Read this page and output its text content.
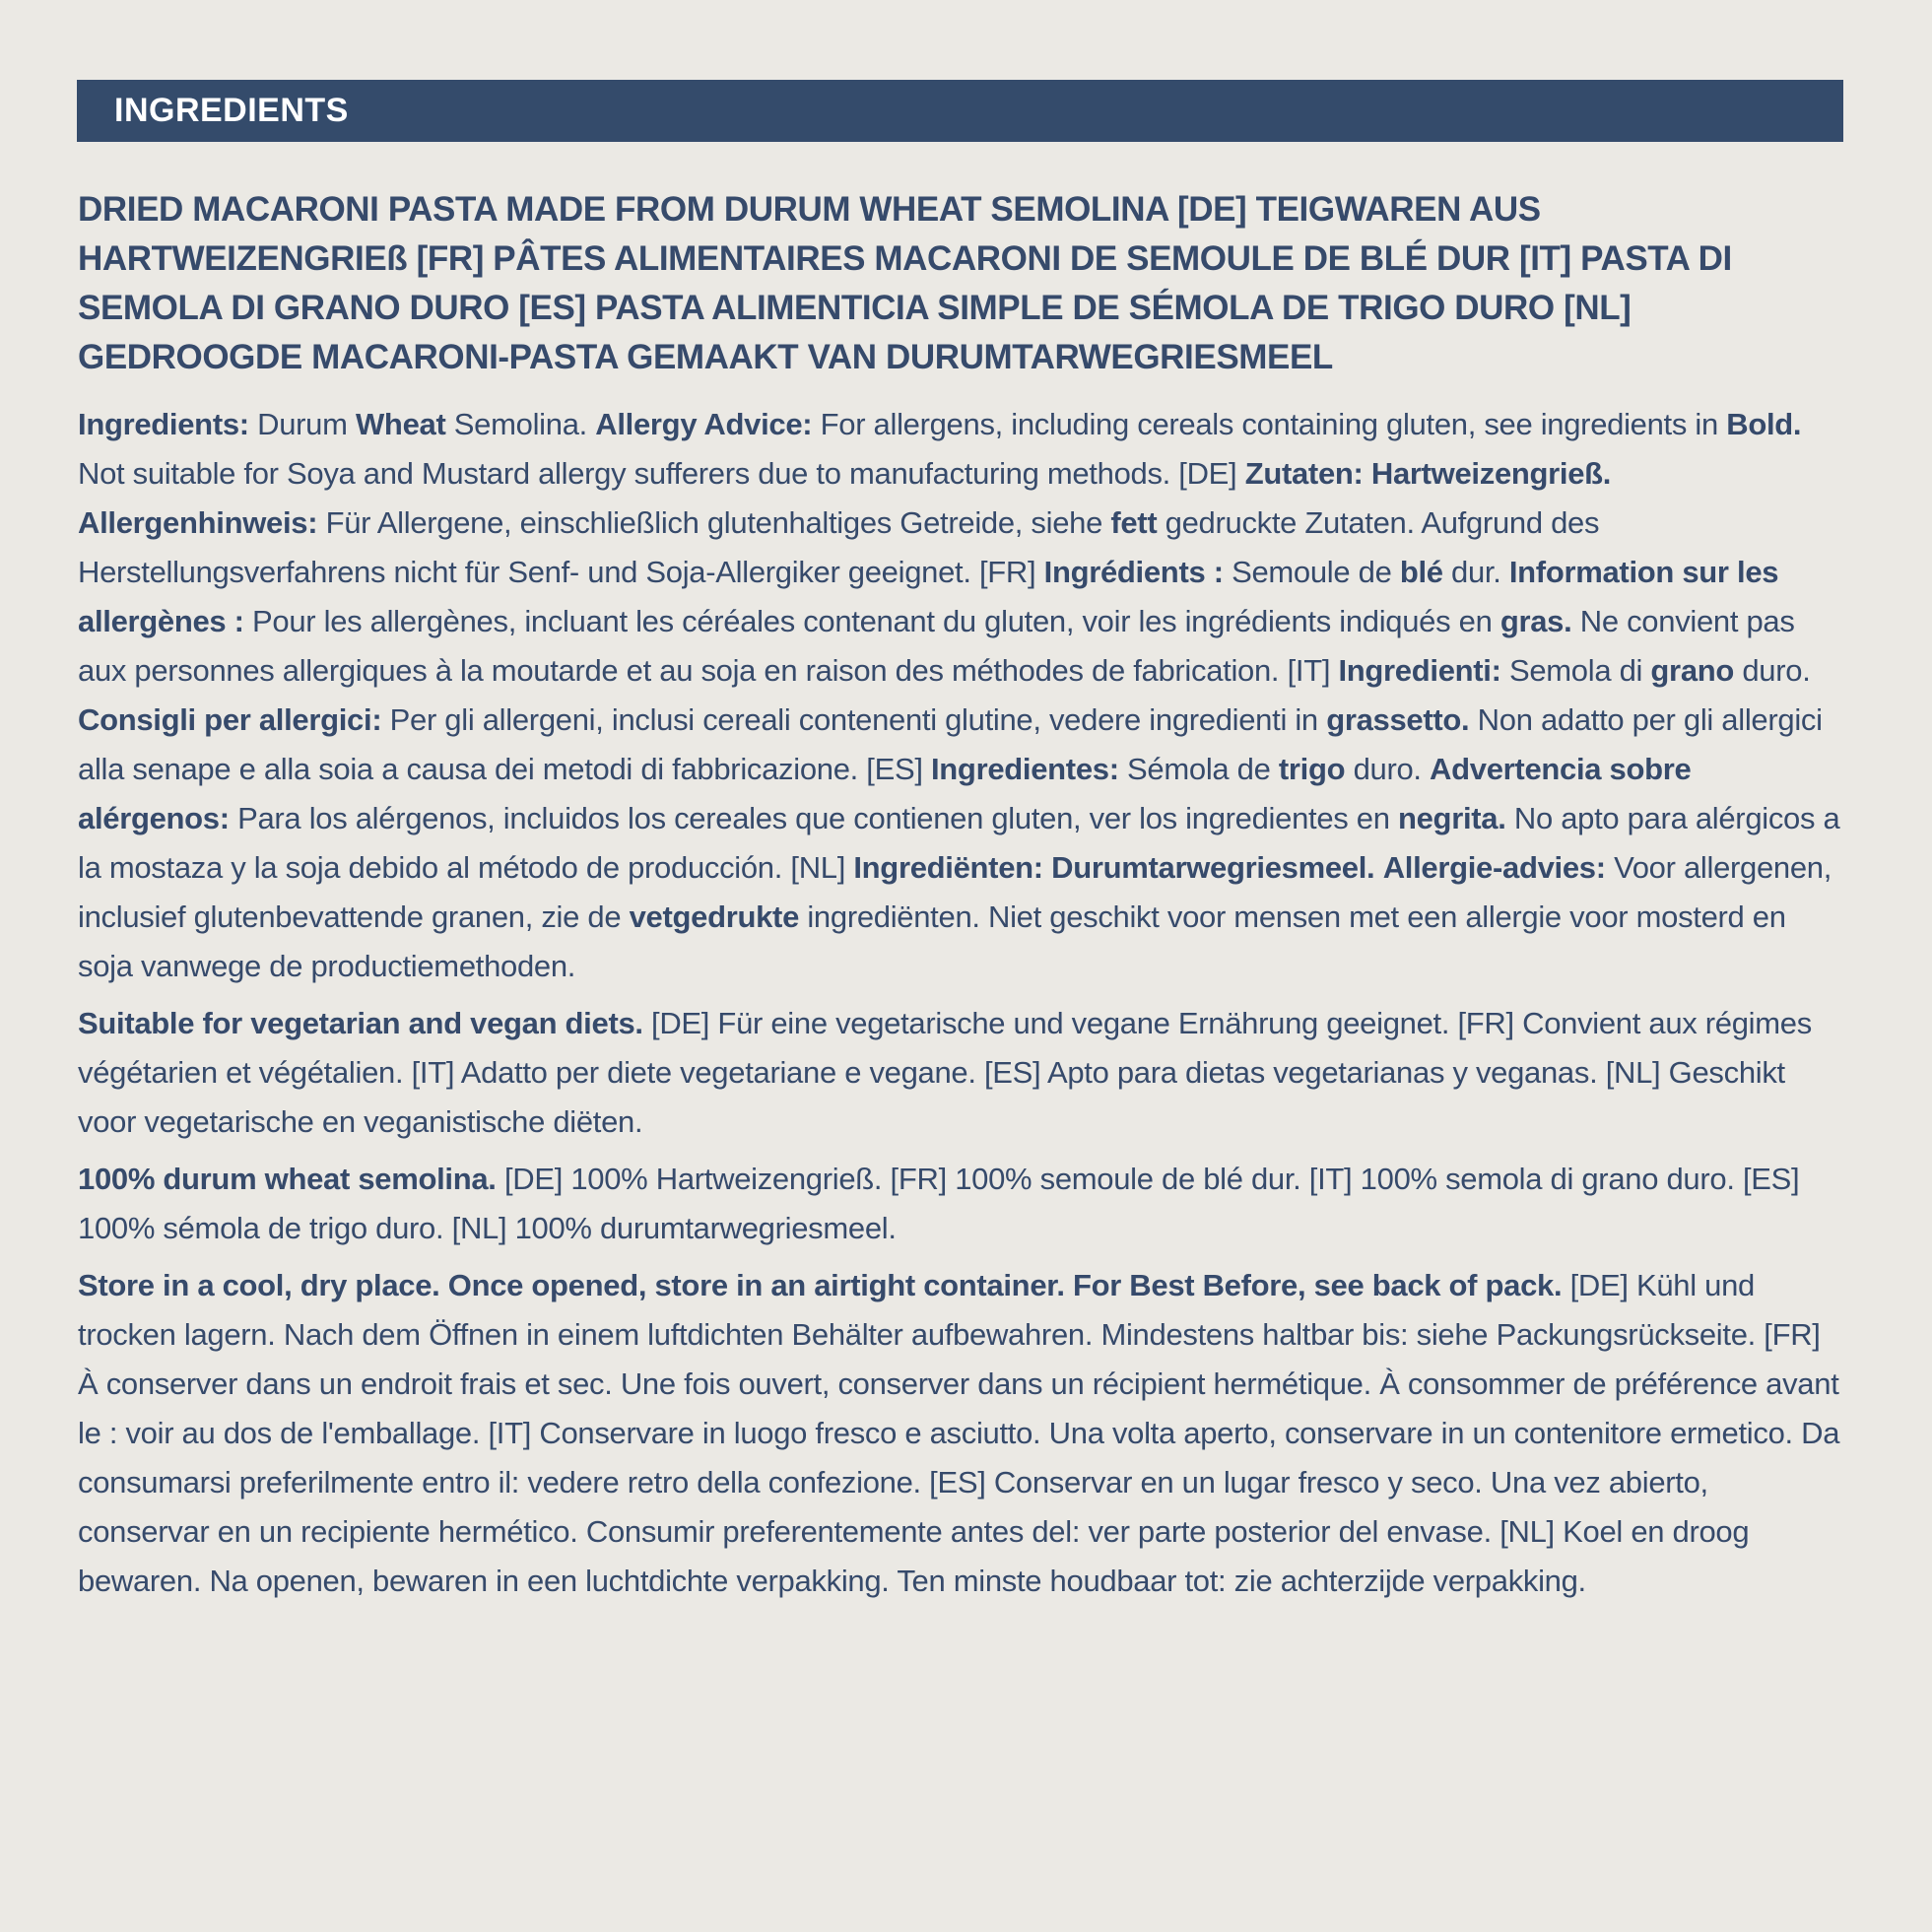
INGREDIENTS
DRIED MACARONI PASTA MADE FROM DURUM WHEAT SEMOLINA [DE] TEIGWAREN AUS HARTWEIZENGRIEß [FR] PÂTES ALIMENTAIRES MACARONI DE SEMOULE DE BLÉ DUR [IT] PASTA DI SEMOLA DI GRANO DURO [ES] PASTA ALIMENTICIA SIMPLE DE SÉMOLA DE TRIGO DURO [NL] GEDROOGDE MACARONI-PASTA GEMAAKT VAN DURUMTARWEGRIESMEEL

Ingredients: Durum Wheat Semolina. Allergy Advice: For allergens, including cereals containing gluten, see ingredients in Bold. Not suitable for Soya and Mustard allergy sufferers due to manufacturing methods. [DE] Zutaten: Hartweizengrieß. Allergenhinweis: Für Allergene, einschließlich glutenhaltiges Getreide, siehe fett gedruckte Zutaten. Aufgrund des Herstellungsverfahrens nicht für Senf- und Soja-Allergiker geeignet. [FR] Ingrédients : Semoule de blé dur. Information sur les allergènes : Pour les allergènes, incluant les céréales contenant du gluten, voir les ingrédients indiqués en gras. Ne convient pas aux personnes allergiques à la moutarde et au soja en raison des méthodes de fabrication. [IT] Ingredienti: Semola di grano duro. Consigli per allergici: Per gli allergeni, inclusi cereali contenenti glutine, vedere ingredienti in grassetto. Non adatto per gli allergici alla senape e alla soia a causa dei metodi di fabbricazione. [ES] Ingredientes: Sémola de trigo duro. Advertencia sobre alérgenos: Para los alérgenos, incluidos los cereales que contienen gluten, ver los ingredientes en negrita. No apto para alérgicos a la mostaza y la soja debido al método de producción. [NL] Ingrediënten: Durumtarwegriesmeel. Allergie-advies: Voor allergenen, inclusief glutenbevattende granen, zie de vetgedrukte ingrediënten. Niet geschikt voor mensen met een allergie voor mosterd en soja vanwege de productiemethoden.

Suitable for vegetarian and vegan diets. [DE] Für eine vegetarische und vegane Ernährung geeignet. [FR] Convient aux régimes végétarien et végétalien. [IT] Adatto per diete vegetariane e vegane. [ES] Apto para dietas vegetarianas y veganas. [NL] Geschikt voor vegetarische en veganistische diëten.

100% durum wheat semolina. [DE] 100% Hartweizengrieß. [FR] 100% semoule de blé dur. [IT] 100% semola di grano duro. [ES] 100% sémola de trigo duro. [NL] 100% durumtarwegriesmeel.

Store in a cool, dry place. Once opened, store in an airtight container. For Best Before, see back of pack. [DE] Kühl und trocken lagern. Nach dem Öffnen in einem luftdichten Behälter aufbewahren. Mindestens haltbar bis: siehe Packungsrückseite. [FR] À conserver dans un endroit frais et sec. Une fois ouvert, conserver dans un récipient hermétique. À consommer de préférence avant le : voir au dos de l'emballage. [IT] Conservare in luogo fresco e asciutto. Una volta aperto, conservare in un contenitore ermetico. Da consumarsi preferilmente entro il: vedere retro della confezione. [ES] Conservar en un lugar fresco y seco. Una vez abierto, conservar en un recipiente hermético. Consumir preferentemente antes del: ver parte posterior del envase. [NL] Koel en droog bewaren. Na openen, bewaren in een luchtdichte verpakking. Ten minste houdbaar tot: zie achterzijde verpakking.
